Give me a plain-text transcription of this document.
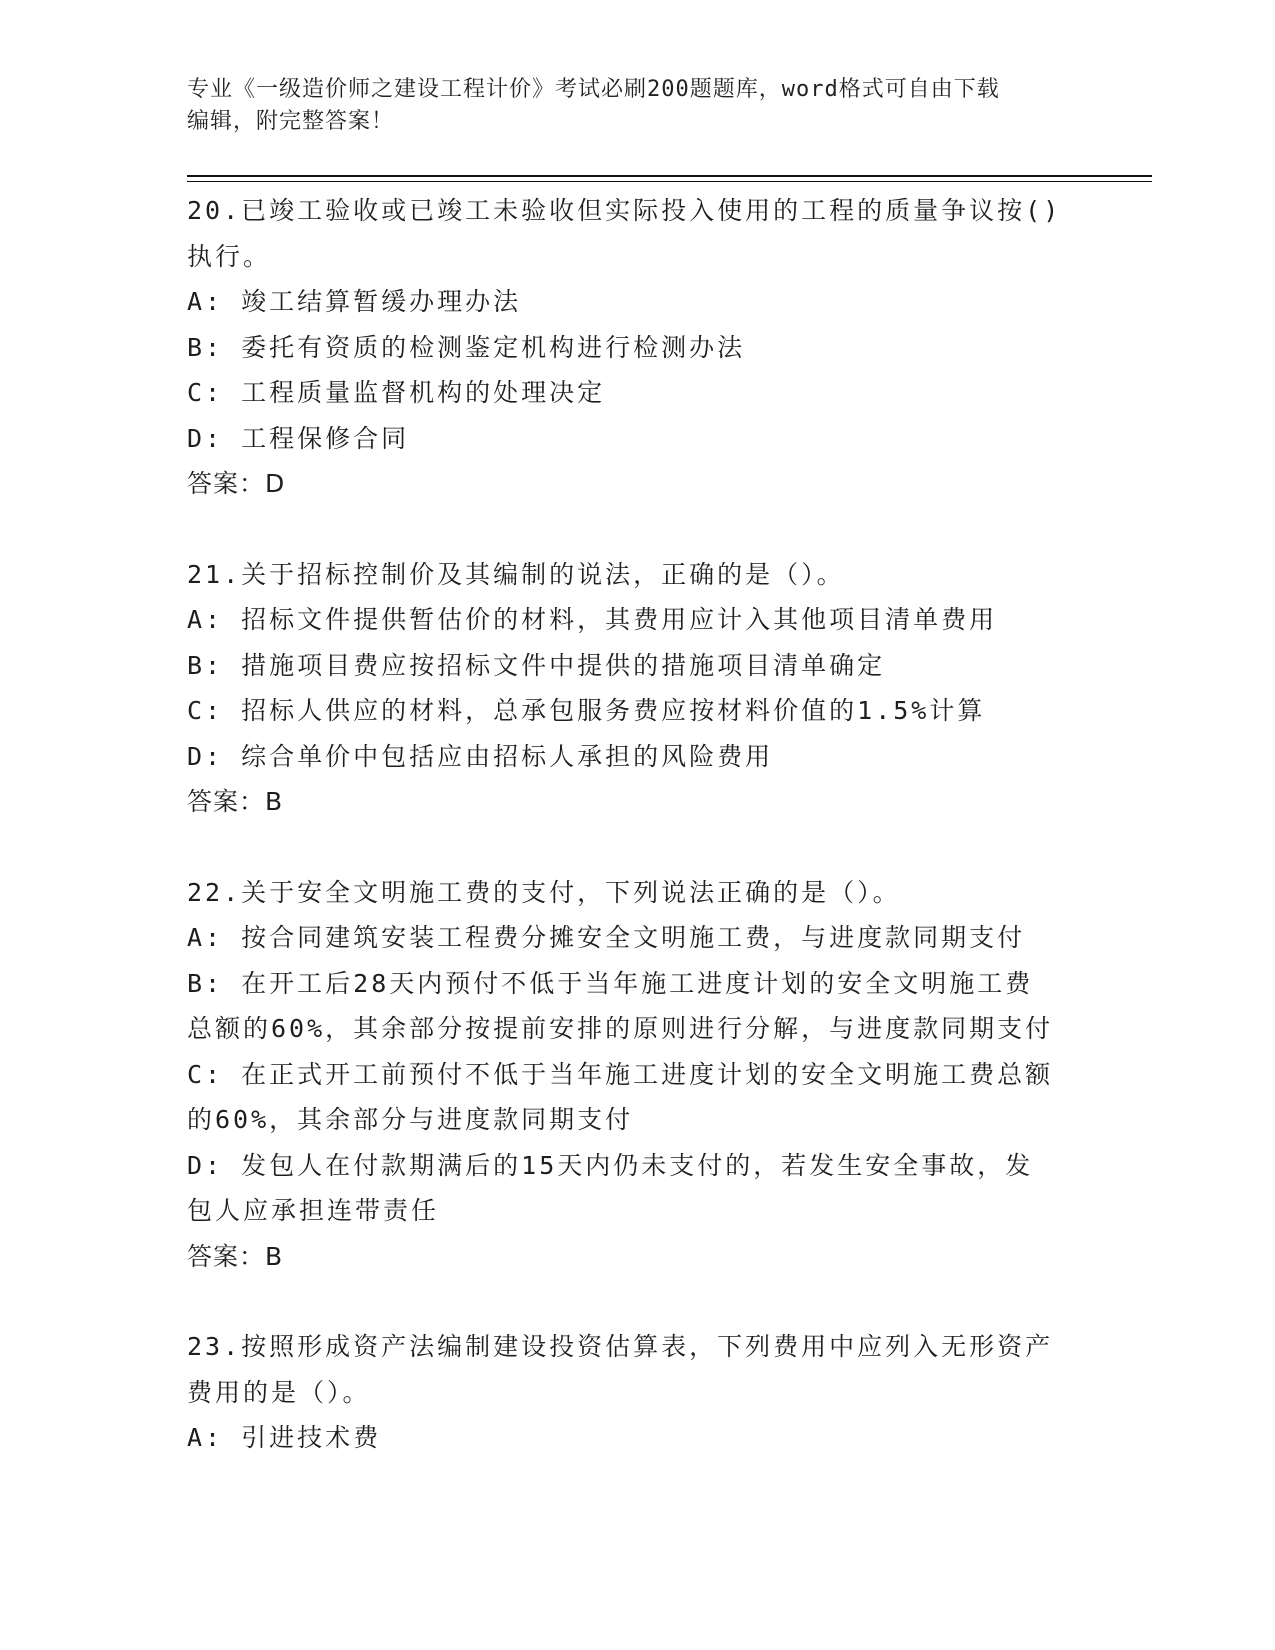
专业《一级造价师之建设工程计价》考试必刷200题题库，word格式可自由下载
编辑，附完整答案！
20.已竣工验收或已竣工未验收但实际投入使用的工程的质量争议按()
执行。
A: 竣工结算暂缓办理办法
B: 委托有资质的检测鉴定机构进行检测办法
C: 工程质量监督机构的处理决定
D: 工程保修合同
答案：D
21.关于招标控制价及其编制的说法，正确的是（）。
A: 招标文件提供暂估价的材料，其费用应计入其他项目清单费用
B: 措施项目费应按招标文件中提供的措施项目清单确定
C: 招标人供应的材料，总承包服务费应按材料价值的1.5%计算
D: 综合单价中包括应由招标人承担的风险费用
答案：B
22.关于安全文明施工费的支付，下列说法正确的是（）。
A: 按合同建筑安装工程费分摊安全文明施工费，与进度款同期支付
B: 在开工后28天内预付不低于当年施工进度计划的安全文明施工费
总额的60%，其余部分按提前安排的原则进行分解，与进度款同期支付
C: 在正式开工前预付不低于当年施工进度计划的安全文明施工费总额
的60%，其余部分与进度款同期支付
D: 发包人在付款期满后的15天内仍未支付的，若发生安全事故，发
包人应承担连带责任
答案：B
23.按照形成资产法编制建设投资估算表，下列费用中应列入无形资产
费用的是（）。
A: 引进技术费
